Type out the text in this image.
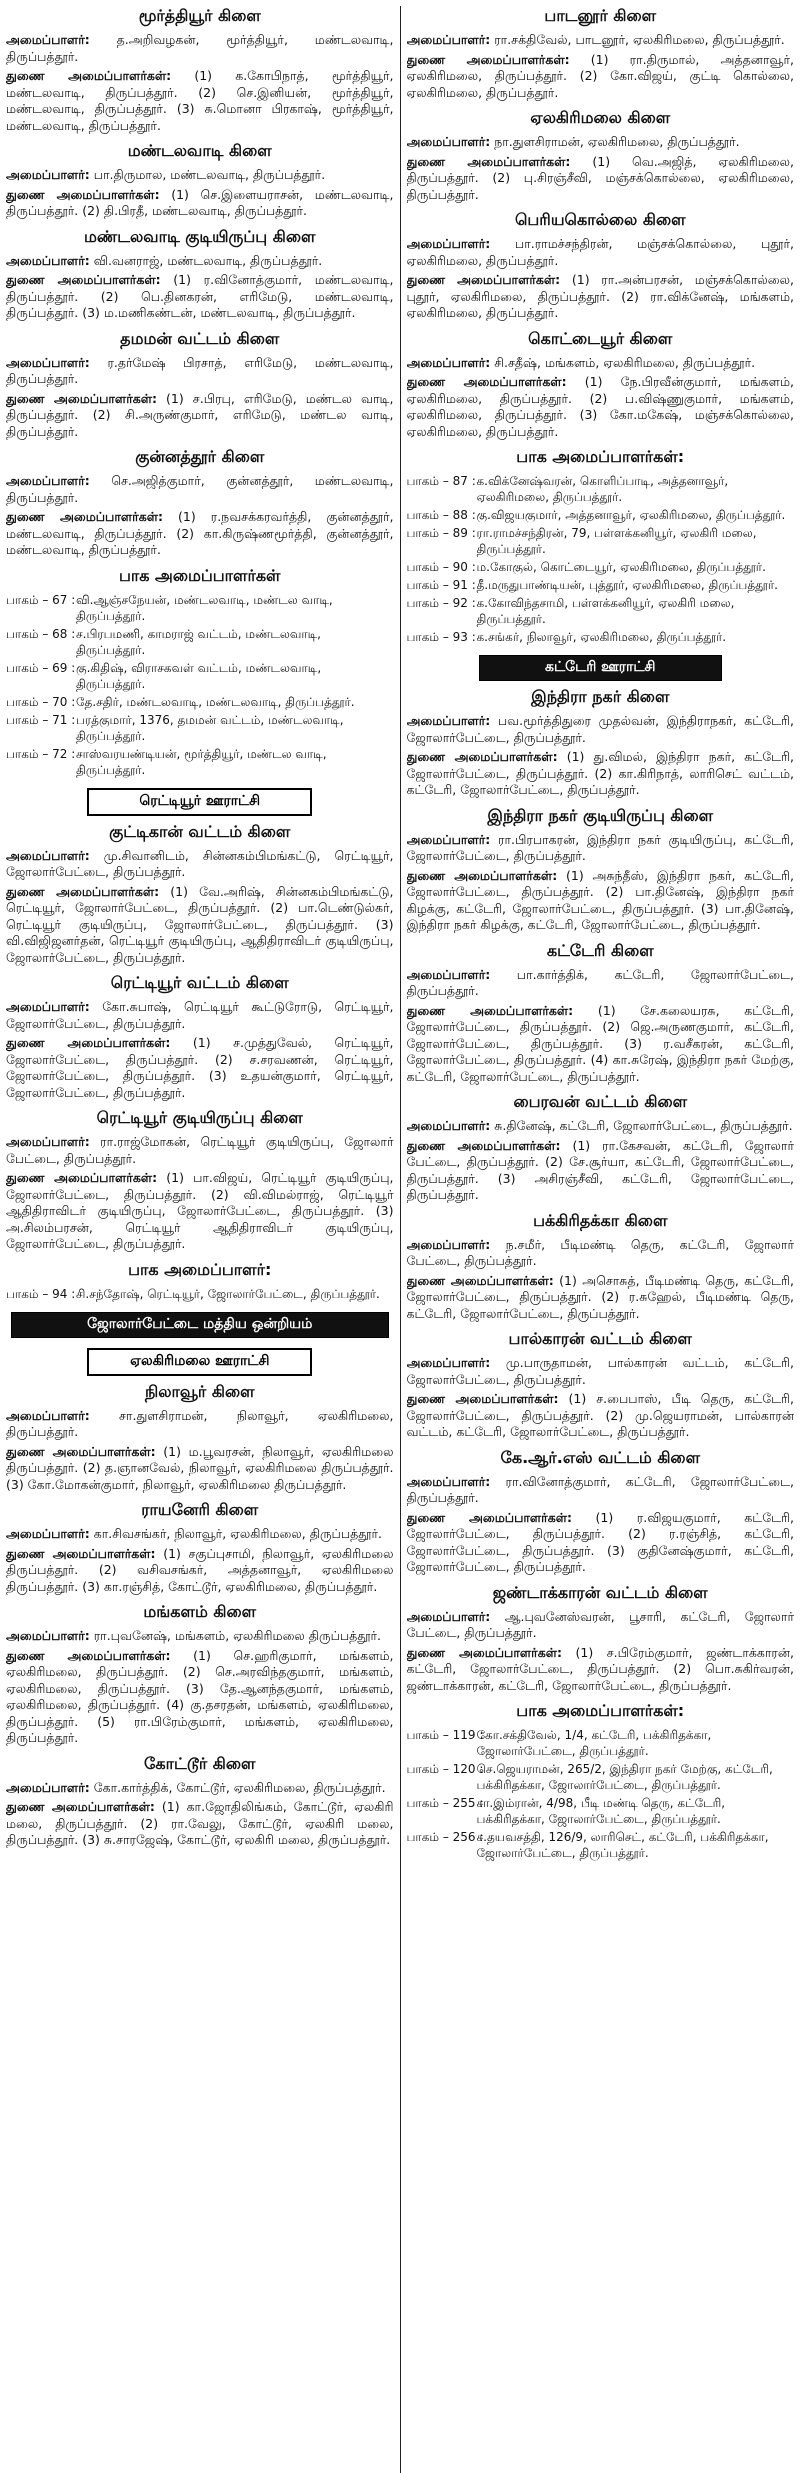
மூர்த்தியூர் கிளை

அமைப்பாளர்: த.அறிவழகன், மூர்த்தியூர், மண்டலவாடி, திருப்பத்தூர்.

துணை அமைப்பாளர்கள்: (1) க.கோபிநாத், மூர்த்தியூர், மண்டலவாடி, திருப்பத்தூர். (2) செ.இனியன், மூர்த்தியூர், மண்டலவாடி, திருப்பத்தூர். (3) சு.மொனா பிரகாஷ், மூர்த்தியூர், மண்டலவாடி, திருப்பத்தூர்.

மண்டலவாடி கிளை

அமைப்பாளர்: பா.திருமால, மண்டலவாடி, திருப்பத்தூர்.

துணை அமைப்பாளர்கள்: (1) செ.இளையராசன், மண்டலவாடி, திருப்பத்தூர். (2) தி.பிரதீ, மண்டலவாடி, திருப்பத்தூர்.

மண்டலவாடி குடியிருப்பு கிளை

அமைப்பாளர்: வி.வனராஜ், மண்டலவாடி, திருப்பத்தூர்.

துணை அமைப்பாளர்கள்: (1) ர.வினோத்குமார், மண்டலவாடி, திருப்பத்தூர். (2) பெ.தினகரன், எரிமேடு, மண்டலவாடி, திருப்பத்தூர். (3) ம.மணிகண்டன், மண்டலவாடி, திருப்பத்தூர்.

தமமன் வட்டம் கிளை

அமைப்பாளர்: ர.தர்மேஷ் பிரசாத், எரிமேடு, மண்டலவாடி, திருப்பத்தூர்.

துணை அமைப்பாளர்கள்: (1) ச.பிரபு, எரிமேடு, மண்டல வாடி, திருப்பத்தூர். (2) சி.அருண்குமார், எரிமேடு, மண்டல வாடி, திருப்பத்தூர்.

குன்னத்தூர் கிளை

அமைப்பாளர்: செ.அஜித்குமார், குன்னத்தூர், மண்டலவாடி, திருப்பத்தூர்.

துணை அமைப்பாளர்கள்: (1) ர.நவசக்கரவர்த்தி, குன்னத்தூர், மண்டலவாடி, திருப்பத்தூர். (2) கா.கிருஷ்ணமூர்த்தி, குன்னத்தூர், மண்டலவாடி, திருப்பத்தூர்.

பாக அமைப்பாளர்கள்
பாகம் – 67 : வி.ஆஞ்சநேயன், மண்டலவாடி, மண்டல வாடி, திருப்பத்தூர்.
பாகம் – 68 : ச.பிரபமணி, காமராஜ் வட்டம், மண்டலவாடி, திருப்பத்தூர்.
பாகம் – 69 : கு.கிதிஷ், விராசகவள் வட்டம், மண்டலவாடி, திருப்பத்தூர்.
பாகம் – 70 : தே.சதிர், மண்டலவாடி, மண்டலவாடி, திருப்பத்தூர்.
பாகம் – 71 : பரத்குமார், 1376, தமமன் வட்டம், மண்டலவாடி, திருப்பத்தூர்.
பாகம் – 72 : சாஸ்வரயண்டியன், மூர்த்தியூர், மண்டல வாடி, திருப்பத்தூர்.
ரெட்டியூர் ஊராட்சி
குட்டிகான் வட்டம் கிளை

அமைப்பாளர்: மு.சிவானிடம், சின்னகம்பிமங்கட்டு, ரெட்டியூர், ஜோலார்பேட்டை, திருப்பத்தூர்.

துணை அமைப்பாளர்கள்: (1) வே.அரிஷ், சின்னகம்பிமங்கட்டு, ரெட்டியூர், ஜோலார்பேட்டை, திருப்பத்தூர். (2) பா.டெண்டுல்கர், ரெட்டியூர் குடியிருப்பு, ஜோலார்பேட்டை, திருப்பத்தூர். (3) வி.விஜிஜனர்தன், ரெட்டியூர் குடியிருப்பு, ஆதிதிராவிடர் குடியிருப்பு, ஜோலார்பேட்டை, திருப்பத்தூர்.

ரெட்டியூர் வட்டம் கிளை

அமைப்பாளர்: கோ.சுபாஷ், ரெட்டியூர் கூட்டுரோடு, ரெட்டியூர், ஜோலார்பேட்டை, திருப்பத்தூர்.

துணை அமைப்பாளர்கள்: (1) ச.முத்துவேல், ரெட்டியூர், ஜோலார்பேட்டை, திருப்பத்தூர். (2) ச.சரவணன், ரெட்டியூர், ஜோலார்பேட்டை, திருப்பத்தூர். (3) உதயன்குமார், ரெட்டியூர், ஜோலார்பேட்டை, திருப்பத்தூர்.

ரெட்டியூர் குடியிருப்பு கிளை

அமைப்பாளர்: ரா.ராஜ்மோகன், ரெட்டியூர் குடியிருப்பு, ஜோலார் பேட்டை, திருப்பத்தூர்.

துணை அமைப்பாளர்கள்: (1) பா.விஜய், ரெட்டியூர் குடியிருப்பு, ஜோலார்பேட்டை, திருப்பத்தூர். (2) வி.விமல்ராஜ், ரெட்டியூர் ஆதிதிராவிடர் குடியிருப்பு, ஜோலார்பேட்டை, திருப்பத்தூர். (3) அ.சிலம்பரசன், ரெட்டியூர் ஆதிதிராவிடர் குடியிருப்பு, ஜோலார்பேட்டை, திருப்பத்தூர்.

பாக அமைப்பாளர்:
பாகம் – 94 : சி.சந்தோஷ், ரெட்டியூர், ஜோலார்பேட்டை, திருப்பத்தூர்.
ஜோலார்பேட்டை மத்திய ஒன்றியம்
ஏலகிரிமலை ஊராட்சி
நிலாவூர் கிளை

அமைப்பாளர்: சா.துளசிராமன், நிலாவூர், ஏலகிரிமலை, திருப்பத்தூர்.

துணை அமைப்பாளர்கள்: (1) ம.பூவரசன், நிலாவூர், ஏலகிரிமலை திருப்பத்தூர். (2) த.ஞானவேல், நிலாவூர், ஏலகிரிமலை திருப்பத்தூர். (3) கோ.மோகன்குமார், நிலாவூர், ஏலகிரிமலை திருப்பத்தூர்.

ராயனேரி கிளை

அமைப்பாளர்: கா.சிவசங்கர், நிலாவூர், ஏலகிரிமலை, திருப்பத்தூர்.

துணை அமைப்பாளர்கள்: (1) சகுப்புசாமி, நிலாவூர், ஏலகிரிமலை திருப்பத்தூர். (2) வசிவசங்கர், அத்தனாவூர், ஏலகிரிமலை திருப்பத்தூர். (3) கா.ரஞ்சித், கோட்டூர், ஏலகிரிமலை, திருப்பத்தூர்.

மங்களம் கிளை

அமைப்பாளர்: ரா.புவனேஷ், மங்களம், ஏலகிரிமலை திருப்பத்தூர்.

துணை அமைப்பாளர்கள்: (1) செ.ஹரிகுமார், மங்களம், ஏலகிரிமலை, திருப்பத்தூர். (2) செ.அரவிந்தகுமார், மங்களம், ஏலகிரிமலை, திருப்பத்தூர். (3) தே.ஆனந்தகுமார், மங்களம், ஏலகிரிமலை, திருப்பத்தூர். (4) கு.தசரதன், மங்களம், ஏலகிரிமலை, திருப்பத்தூர். (5) ரா.பிரேம்குமார், மங்களம், ஏலகிரிமலை, திருப்பத்தூர்.

கோட்டூர் கிளை

அமைப்பாளர்: கோ.கார்த்திக், கோட்டூர், ஏலகிரிமலை, திருப்பத்தூர்.

துணை அமைப்பாளர்கள்: (1) கா.ஜோதிலிங்கம், கோட்டூர், ஏலகிரி மலை, திருப்பத்தூர். (2) ரா.வேலு, கோட்டூர், ஏலகிரி மலை, திருப்பத்தூர். (3) சு.சாரஜேஷ், கோட்டூர், ஏலகிரி மலை, திருப்பத்தூர்.

பாடனூர் கிளை

அமைப்பாளர்: ரா.சக்திவேல், பாடனூர், ஏலகிரிமலை, திருப்பத்தூர்.

துணை அமைப்பாளர்கள்: (1) ரா.திருமால், அத்தனாவூர், ஏலகிரிமலை, திருப்பத்தூர். (2) கோ.விஜய், குட்டி கொல்லை, ஏலகிரிமலை, திருப்பத்தூர்.

ஏலகிரிமலை கிளை

அமைப்பாளர்: நா.துளசிராமன், ஏலகிரிமலை, திருப்பத்தூர்.

துணை அமைப்பாளர்கள்: (1) வெ.அஜித், ஏலகிரிமலை, திருப்பத்தூர். (2) பு.சிரஞ்சீவி, மஞ்சக்கொல்லை, ஏலகிரிமலை, திருப்பத்தூர்.

பெரியகொல்லை கிளை

அமைப்பாளர்: பா.ராமச்சந்திரன், மஞ்சக்கொல்லை, புதூர், ஏலகிரிமலை, திருப்பத்தூர்.

துணை அமைப்பாளர்கள்: (1) ரா.அன்பரசன், மஞ்சக்கொல்லை, புதூர், ஏலகிரிமலை, திருப்பத்தூர். (2) ரா.விக்னேஷ், மங்களம், ஏலகிரிமலை, திருப்பத்தூர்.

கொட்டையூர் கிளை

அமைப்பாளர்: சி.சதீஷ், மங்களம், ஏலகிரிமலை, திருப்பத்தூர்.

துணை அமைப்பாளர்கள்: (1) நே.பிரவீன்குமார், மங்களம், ஏலகிரிமலை, திருப்பத்தூர். (2) ப.விஷ்ணுகுமார், மங்களம், ஏலகிரிமலை, திருப்பத்தூர். (3) கோ.மகேஷ், மஞ்சக்கொல்லை, ஏலகிரிமலை, திருப்பத்தூர்.

பாக அமைப்பாளர்கள்:
பாகம் – 87 : க.விக்னேஷ்வரன், கொளிப்பாடி, அத்தனாவூர், ஏலகிரிமலை, திருப்பத்தூர்.
பாகம் – 88 : கு.விஜயகுமார், அத்தனாவூர், ஏலகிரிமலை, திருப்பத்தூர்.
பாகம் – 89 : ரா.ராமச்சந்திரன், 79, பள்ளக்கனியூர், ஏலகிரி மலை, திருப்பத்தூர்.
பாகம் – 90 : ம.கோகுல், கொட்டையூர், ஏலகிரிமலை, திருப்பத்தூர்.
பாகம் – 91 : தீ.மருதுபாண்டியன், புத்தூர், ஏலகிரிமலை, திருப்பத்தூர்.
பாகம் – 92 : க.கோவிந்தசாமி, பள்ளக்கனியூர், ஏலகிரி மலை, திருப்பத்தூர்.
பாகம் – 93 : க.சங்கர், நிலாவூர், ஏலகிரிமலை, திருப்பத்தூர்.
கட்டேரி ஊராட்சி
இந்திரா நகர் கிளை

அமைப்பாளர்: பவ.மூர்த்திதுரை முதல்வன், இந்திராநகர், கட்டேரி, ஜோலார்பேட்டை, திருப்பத்தூர்.

துணை அமைப்பாளர்கள்: (1) து.விமல், இந்திரா நகர், கட்டேரி, ஜோலார்பேட்டை, திருப்பத்தூர். (2) கா.கிரிநாத், லாரிசெட் வட்டம், கட்டேரி, ஜோலார்பேட்டை, திருப்பத்தூர்.

இந்திரா நகர் குடியிருப்பு கிளை

அமைப்பாளர்: ரா.பிரபாகரன், இந்திரா நகர் குடியிருப்பு, கட்டேரி, ஜோலார்பேட்டை, திருப்பத்தூர்.

துணை அமைப்பாளர்கள்: (1) அசுந்தீஸ், இந்திரா நகர், கட்டேரி, ஜோலார்பேட்டை, திருப்பத்தூர். (2) பா.தினேஷ், இந்திரா நகர் கிழக்கு, கட்டேரி, ஜோலார்பேட்டை, திருப்பத்தூர். (3) பா.தினேஷ், இந்திரா நகர் கிழக்கு, கட்டேரி, ஜோலார்பேட்டை, திருப்பத்தூர்.

கட்டேரி கிளை

அமைப்பாளர்: பா.கார்த்திக், கட்டேரி, ஜோலார்பேட்டை, திருப்பத்தூர்.

துணை அமைப்பாளர்கள்: (1) சே.கலையரசு, கட்டேரி, ஜோலார்பேட்டை, திருப்பத்தூர். (2) ஜெ.அருணகுமார், கட்டேரி, ஜோலார்பேட்டை, திருப்பத்தூர். (3) ர.வசீகரன், கட்டேரி, ஜோலார்பேட்டை, திருப்பத்தூர். (4) கா.சுரேஷ், இந்திரா நகர் மேற்கு, கட்டேரி, ஜோலார்பேட்டை, திருப்பத்தூர்.

பைரவன் வட்டம் கிளை

அமைப்பாளர்: சு.தினேஷ், கட்டேரி, ஜோலார்பேட்டை, திருப்பத்தூர்.

துணை அமைப்பாளர்கள்: (1) ரா.கேசவன், கட்டேரி, ஜோலார் பேட்டை, திருப்பத்தூர். (2) சே.சூர்யா, கட்டேரி, ஜோலார்பேட்டை, திருப்பத்தூர். (3) அசிரஞ்சீவி, கட்டேரி, ஜோலார்பேட்டை, திருப்பத்தூர்.

பக்கிரிதக்கா கிளை

அமைப்பாளர்: ந.சமீர், பீடிமண்டி தெரு, கட்டேரி, ஜோலார் பேட்டை, திருப்பத்தூர்.

துணை அமைப்பாளர்கள்: (1) அசொசுத், பீடிமண்டி தெரு, கட்டேரி, ஜோலார்பேட்டை, திருப்பத்தூர். (2) ர.சுஹேல், பீடிமண்டி தெரு, கட்டேரி, ஜோலார்பேட்டை, திருப்பத்தூர்.

பால்காரன் வட்டம் கிளை

அமைப்பாளர்: மு.பாருதாமன், பால்காரன் வட்டம், கட்டேரி, ஜோலார்பேட்டை, திருப்பத்தூர்.

துணை அமைப்பாளர்கள்: (1) ச.பைபாஸ், பீடி தெரு, கட்டேரி, ஜோலார்பேட்டை, திருப்பத்தூர். (2) மு.ஜெயராமன், பால்காரன் வட்டம், கட்டேரி, ஜோலார்பேட்டை, திருப்பத்தூர்.

கே.ஆர்.எஸ் வட்டம் கிளை

அமைப்பாளர்: ரா.வினோத்குமார், கட்டேரி, ஜோலார்பேட்டை, திருப்பத்தூர்.

துணை அமைப்பாளர்கள்: (1) ர.விஜயகுமார், கட்டேரி, ஜோலார்பேட்டை, திருப்பத்தூர். (2) ர.ரஞ்சித், கட்டேரி, ஜோலார்பேட்டை, திருப்பத்தூர். (3) குதினேஷ்குமார், கட்டேரி, ஜோலார்பேட்டை, திருப்பத்தூர்.

ஜண்டாக்காரன் வட்டம் கிளை

அமைப்பாளர்: ஆ.புவனேஸ்வரன், பூசாரி, கட்டேரி, ஜோலார் பேட்டை, திருப்பத்தூர்.

துணை அமைப்பாளர்கள்: (1) ச.பிரேம்குமார், ஜண்டாக்காரன், கட்டேரி, ஜோலார்பேட்டை, திருப்பத்தூர். (2) பொ.சுகிர்வரன், ஜண்டாக்காரன், கட்டேரி, ஜோலார்பேட்டை, திருப்பத்தூர்.

பாக அமைப்பாளர்கள்:
பாகம் – 119 :
கோ.சக்திவேல், 1/4, கட்டேரி, பக்கிரிதக்கா, ஜோலார்பேட்டை, திருப்பத்தூர்.
பாகம் – 120 :
செ.ஜெயராமன், 265/2, இந்திரா நகர் மேற்கு, கட்டேரி, பக்கிரிதக்கா, ஜோலார்பேட்டை, திருப்பத்தூர்.
பாகம் – 255 :
சா.இம்ரான், 4/98, பீடி மண்டி தெரு, கட்டேரி, பக்கிரிதக்கா, ஜோலார்பேட்டை, திருப்பத்தூர்.
பாகம் – 256 :
ச.தயவசத்தி, 126/9, லாரிசெட், கட்டேரி, பக்கிரிதக்கா, ஜோலார்பேட்டை, திருப்பத்தூர்.
